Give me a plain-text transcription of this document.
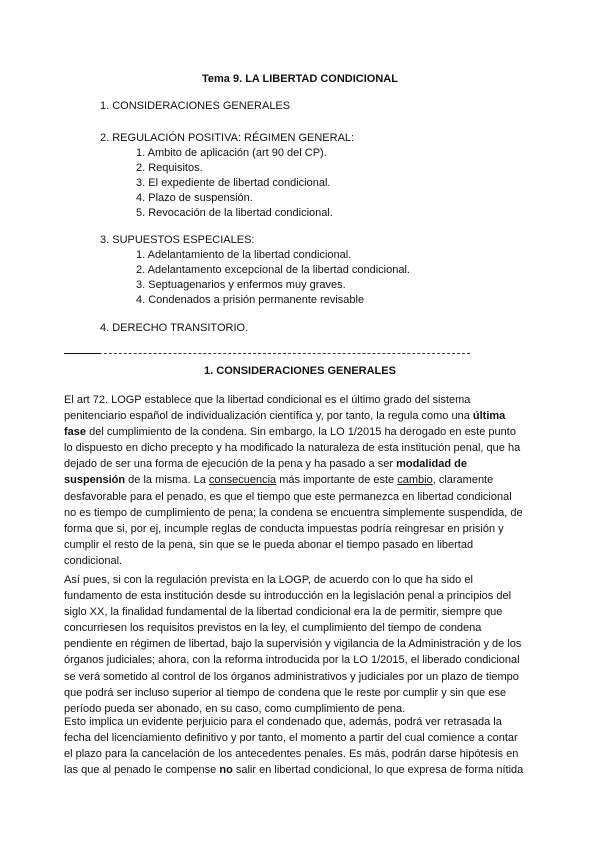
Tema 9. LA LIBERTAD CONDICIONAL
1. CONSIDERACIONES GENERALES
2. REGULACIÓN POSITIVA: RÉGIMEN GENERAL:
1. Ambito de aplicación (art 90 del CP).
2. Requisitos.
3. El expediente de libertad condicional.
4. Plazo de suspensión.
5. Revocación de la libertad condicional.
3. SUPUESTOS ESPECIALES:
1. Adelantamiento de la libertad condicional.
2. Adelantamento excepcional de la libertad condicional.
3. Septuagenarios y enfermos muy graves.
4. Condenados a prisión permanente revisable
4. DERECHO TRANSITORIO.
1. CONSIDERACIONES GENERALES

El art 72. LOGP establece que la libertad condicional es el último grado del sistema penitenciario español de individualización científica y, por tanto, la regula como una última fase del cumplimiento de la condena. Sin embargo, la LO 1/2015 ha derogado en este punto lo dispuesto en dicho precepto y ha modificado la naturaleza de esta institución penal, que ha dejado de ser una forma de ejecución de la pena y ha pasado a ser modalidad de suspensión de la misma. La consecuencia más importante de este cambio, claramente desfavorable para el penado, es que el tiempo que este permanezca en libertad condicional no es tiempo de cumplimiento de pena; la condena se encuentra simplemente suspendida, de forma que si, por ej, incumple reglas de conducta impuestas podría reingresar en prisión y cumplir el resto de la pena, sin que se le pueda abonar el tiempo pasado en libertad condicional.

Así pues, si con la regulación prevista en la LOGP, de acuerdo con lo que ha sido el fundamento de esta institución desde su introducción en la legislación penal a principios del siglo XX, la finalidad fundamental de la libertad condicional era la de permitir, siempre que concurriesen los requisitos previstos en la ley, el cumplimiento del tiempo de condena pendiente en régimen de libertad, bajo la supervisión y vigilancia de la Administración y de los órganos judiciales; ahora, con la reforma introducida por la LO 1/2015, el liberado condicional se verá sometido al control de los órganos administrativos y judiciales por un plazo de tiempo que podrá ser incluso superior al tiempo de condena que le reste por cumplir y sin que ese período pueda ser abonado, en su caso, como cumplimiento de pena.

Esto implica un evidente perjuicio para el condenado que, además, podrá ver retrasada la fecha del licenciamiento definitivo y por tanto, el momento a partir del cual comience a contar el plazo para la cancelación de los antecedentes penales. Es más, podrán darse hipótesis en las que al penado le compense no salir en libertad condicional, lo que expresa de forma nítida
